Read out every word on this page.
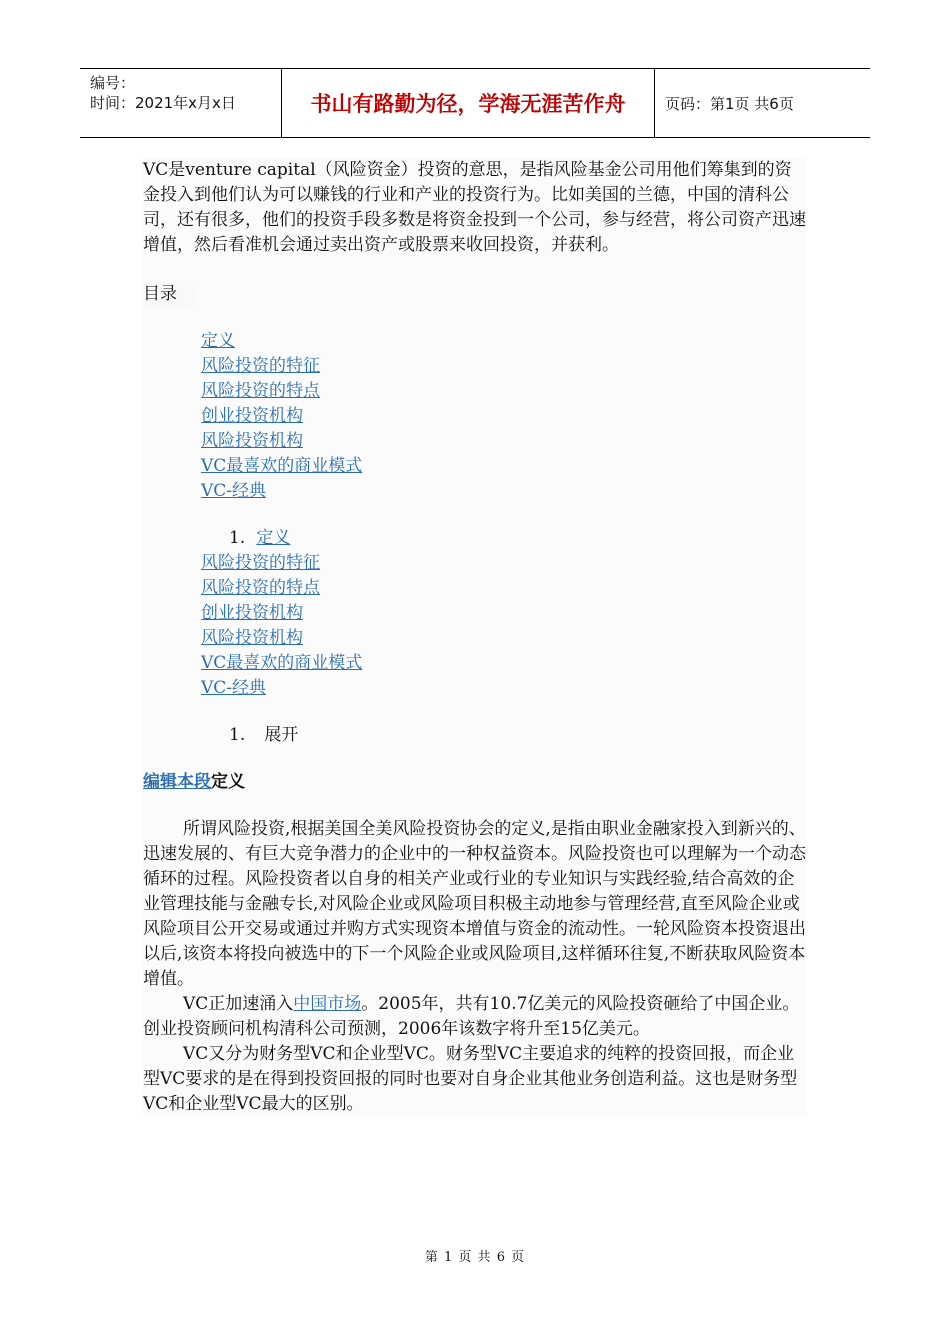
编号：
时间：2021年x月x日	书山有路勤为径，学海无涯苦作舟	页码：第1页 共6页

VC是venture capital（风险资金）投资的意思，是指风险基金公司用他们筹集到的资金投入到他们认为可以赚钱的行业和产业的投资行为。比如美国的兰德，中国的清科公司，还有很多，他们的投资手段多数是将资金投到一个公司，参与经营，将公司资产迅速增值，然后看准机会通过卖出资产或股票来收回投资，并获利。

目录
定义
风险投资的特征
风险投资的特点
创业投资机构
风险投资机构
VC最喜欢的商业模式
VC-经典
1. 定义
风险投资的特征
风险投资的特点
创业投资机构
风险投资机构
VC最喜欢的商业模式
VC-经典
1. 展开
编辑本段定义

所谓风险投资,根据美国全美风险投资协会的定义,是指由职业金融家投入到新兴的、迅速发展的、有巨大竞争潜力的企业中的一种权益资本。风险投资也可以理解为一个动态循环的过程。风险投资者以自身的相关产业或行业的专业知识与实践经验,结合高效的企业管理技能与金融专长,对风险企业或风险项目积极主动地参与管理经营,直至风险企业或风险项目公开交易或通过并购方式实现资本增值与资金的流动性。一轮风险资本投资退出以后,该资本将投向被选中的下一个风险企业或风险项目,这样循环往复,不断获取风险资本增值。

VC正加速涌入中国市场。2005年，共有10.7亿美元的风险投资砸给了中国企业。创业投资顾问机构清科公司预测，2006年该数字将升至15亿美元。

VC又分为财务型VC和企业型VC。财务型VC主要追求的纯粹的投资回报，而企业型VC要求的是在得到投资回报的同时也要对自身企业其他业务创造利益。这也是财务型VC和企业型VC最大的区别。

第 1 页 共 6 页
